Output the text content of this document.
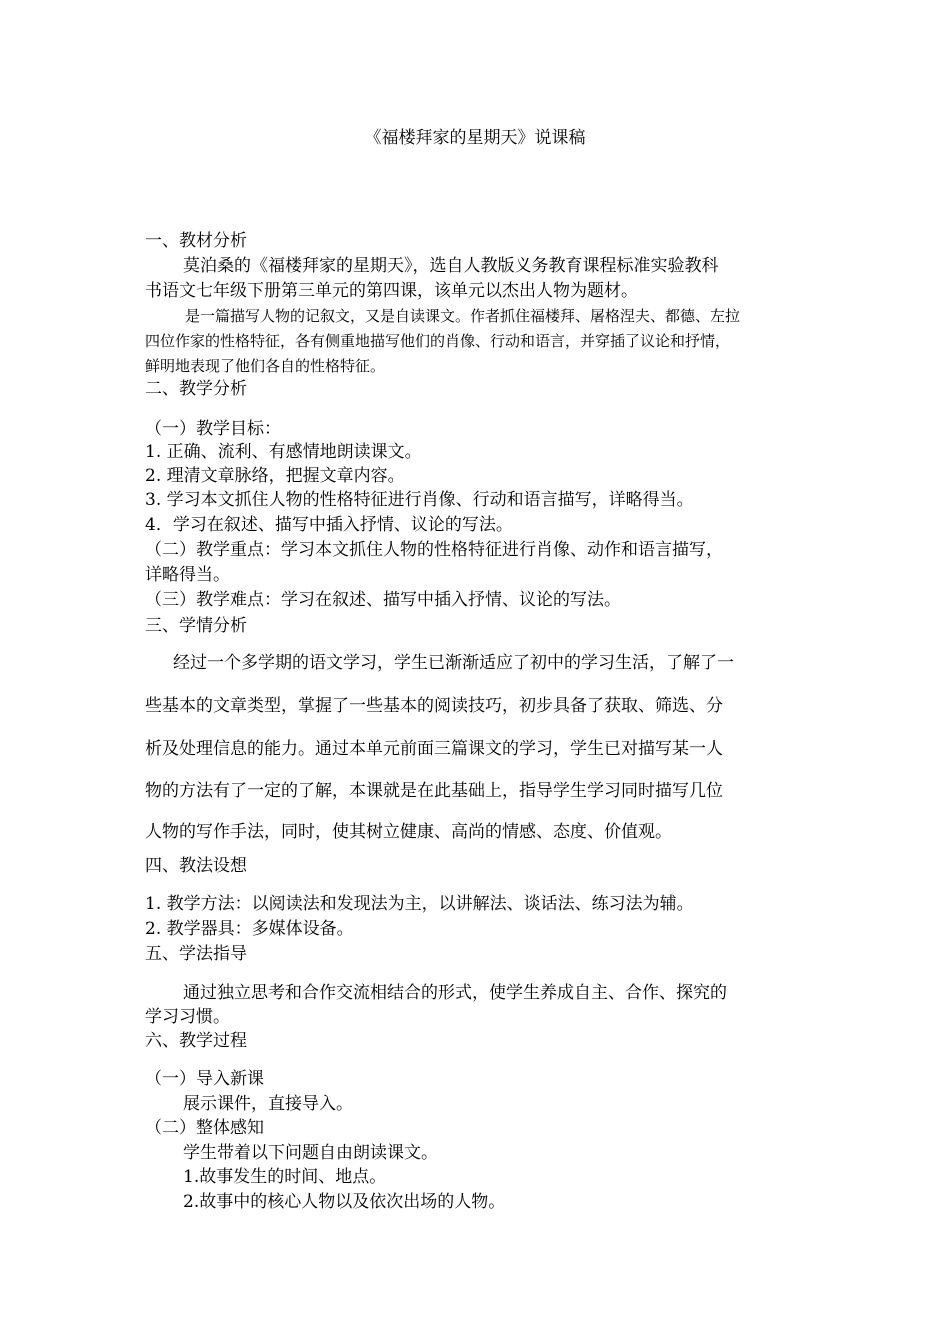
《福楼拜家的星期天》说课稿
一、教材分析
莫泊桑的《福楼拜家的星期天》，选自人教版义务教育课程标准实验教科
书语文七年级下册第三单元的第四课，该单元以杰出人物为题材。
是一篇描写人物的记叙文，又是自读课文。作者抓住福楼拜、屠格涅夫、都德、左拉
四位作家的性格特征，各有侧重地描写他们的肖像、行动和语言，并穿插了议论和抒情，
鲜明地表现了他们各自的性格特征。
二、教学分析
（一）教学目标：
1. 正确、流利、有感情地朗读课文。
2. 理清文章脉络，把握文章内容。
3. 学习本文抓住人物的性格特征进行肖像、行动和语言描写，详略得当。
4．学习在叙述、描写中插入抒情、议论的写法。
（二）教学重点：学习本文抓住人物的性格特征进行肖像、动作和语言描写，
详略得当。
（三）教学难点：学习在叙述、描写中插入抒情、议论的写法。
三、学情分析
经过一个多学期的语文学习，学生已渐渐适应了初中的学习生活，了解了一
些基本的文章类型，掌握了一些基本的阅读技巧，初步具备了获取、筛选、分
析及处理信息的能力。通过本单元前面三篇课文的学习，学生已对描写某一人
物的方法有了一定的了解，本课就是在此基础上，指导学生学习同时描写几位
人物的写作手法，同时，使其树立健康、高尚的情感、态度、价值观。
四、教法设想
1. 教学方法：以阅读法和发现法为主，以讲解法、谈话法、练习法为辅。
2. 教学器具：多媒体设备。
五、学法指导
通过独立思考和合作交流相结合的形式，使学生养成自主、合作、探究的
学习习惯。
六、教学过程
（一）导入新课
展示课件，直接导入。
（二）整体感知
学生带着以下问题自由朗读课文。
1.故事发生的时间、地点。
2.故事中的核心人物以及依次出场的人物。
